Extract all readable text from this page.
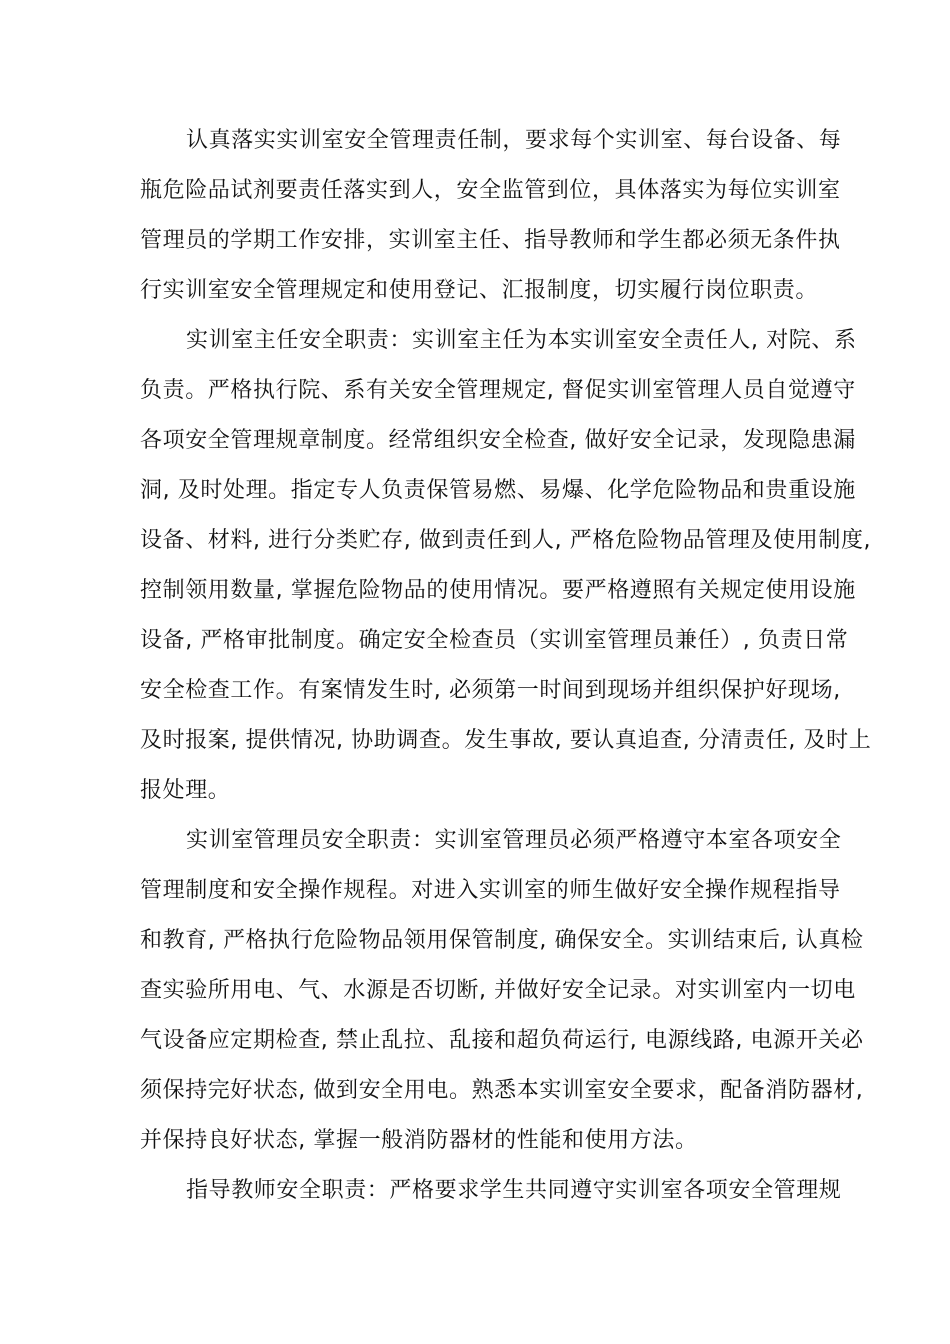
认真落实实训室安全管理责任制，要求每个实训室、每台设备、每
瓶危险品试剂要责任落实到人，安全监管到位，具体落实为每位实训室
管理员的学期工作安排，实训室主任、指导教师和学生都必须无条件执
行实训室安全管理规定和使用登记、汇报制度，切实履行岗位职责。
实训室主任安全职责：实训室主任为本实训室安全责任人, 对院、系
负责。严格执行院、系有关安全管理规定, 督促实训室管理人员自觉遵守
各项安全管理规章制度。经常组织安全检查, 做好安全记录，发现隐患漏
洞, 及时处理。指定专人负责保管易燃、易爆、化学危险物品和贵重设施
设备、材料, 进行分类贮存, 做到责任到人, 严格危险物品管理及使用制度,
控制领用数量, 掌握危险物品的使用情况。要严格遵照有关规定使用设施
设备, 严格审批制度。确定安全检查员（实训室管理员兼任）, 负责日常
安全检查工作。有案情发生时, 必须第一时间到现场并组织保护好现场,
及时报案, 提供情况, 协助调查。发生事故, 要认真追查, 分清责任, 及时上
报处理。
实训室管理员安全职责：实训室管理员必须严格遵守本室各项安全
管理制度和安全操作规程。对进入实训室的师生做好安全操作规程指导
和教育, 严格执行危险物品领用保管制度, 确保安全。实训结束后, 认真检
查实验所用电、气、水源是否切断, 并做好安全记录。对实训室内一切电
气设备应定期检查, 禁止乱拉、乱接和超负荷运行, 电源线路, 电源开关必
须保持完好状态, 做到安全用电。熟悉本实训室安全要求，配备消防器材,
并保持良好状态, 掌握一般消防器材的性能和使用方法。
指导教师安全职责：严格要求学生共同遵守实训室各项安全管理规
